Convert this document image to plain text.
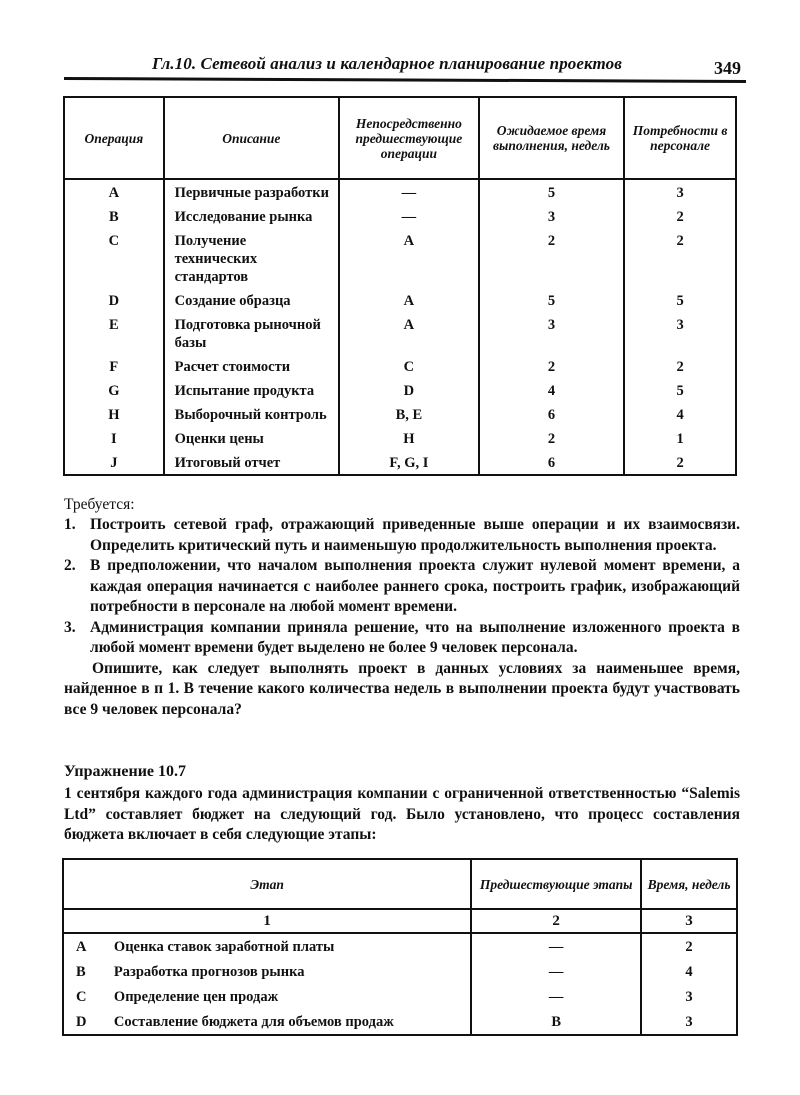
Гл.10. Сетевой анализ и календарное планирование проектов	349
Операция	Описание	Непосредственно предшествующие операции	Ожидаемое время выполнения, недель	Потребности в персонале
A	Первичные разработки	—	5	3
B	Исследование рынка	—	3	2
C	Получение технических стандартов	A	2	2
D	Создание образца	A	5	5
E	Подготовка рыночной базы	A	3	3
F	Расчет стоимости	C	2	2
G	Испытание продукта	D	4	5
H	Выборочный контроль	B, E	6	4
I	Оценки цены	H	2	1
J	Итоговый отчет	F, G, I	6	2
Требуется:
1. Построить сетевой граф, отражающий приведенные выше операции и их взаимосвязи. Определить критический путь и наименьшую продолжительность выполнения проекта.
2. В предположении, что началом выполнения проекта служит нулевой момент времени, а каждая операция начинается с наиболее раннего срока, построить график, изображающий потребности в персонале на любой момент времени.
3. Администрация компании приняла решение, что на выполнение изложенного проекта в любой момент времени будет выделено не более 9 человек персонала.

Опишите, как следует выполнять проект в данных условиях за наименьшее время, найденное в п 1. В течение какого количества недель в выполнении проекта будут участвовать все 9 человек персонала?

Упражнение 10.7
1 сентября каждого года администрация компании с ограниченной ответственностью “Salemis Ltd” составляет бюджет на следующий год. Было установлено, что процесс составления бюджета включает в себя следующие этапы:
Этап		Предшествующие этапы	Время, недель
1		2	3
A	Оценка ставок заработной платы	—	2
B	Разработка прогнозов рынка	—	4
C	Определение цен продаж	—	3
D	Составление бюджета для объемов продаж	B	3
